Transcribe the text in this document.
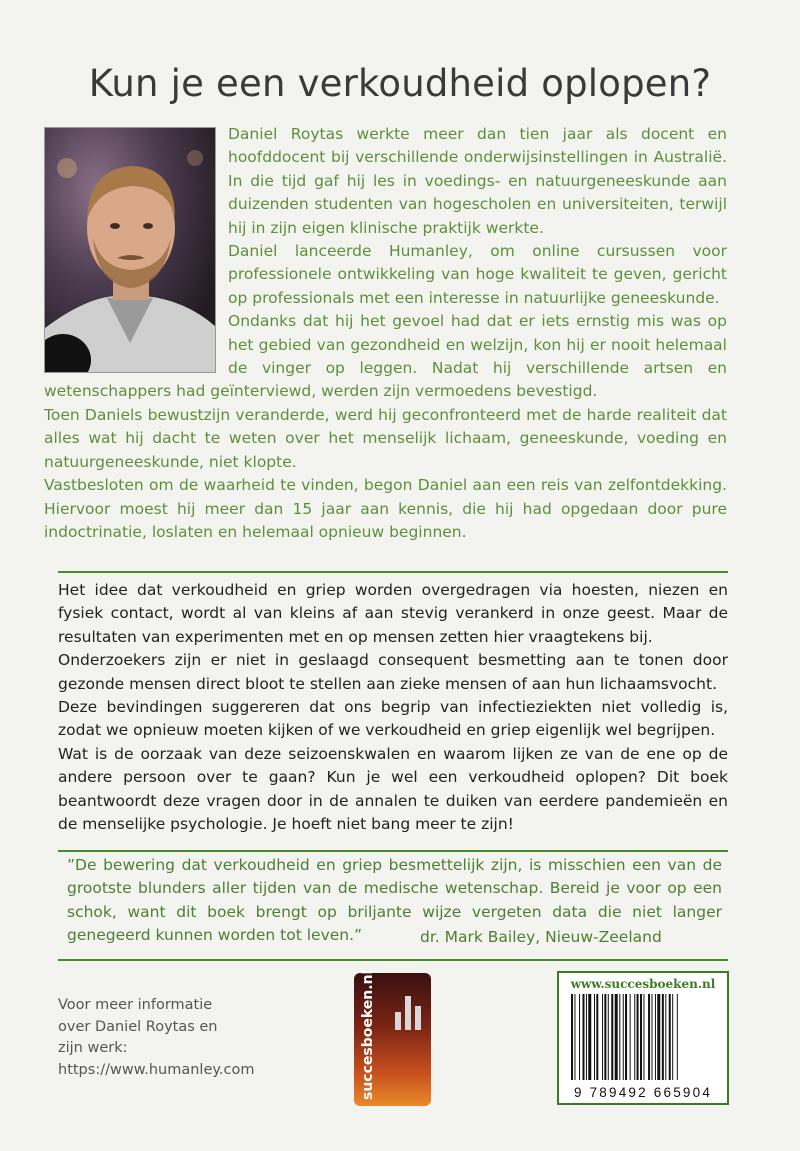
Kun je een verkoudheid oplopen?

Daniel Roytas werkte meer dan tien jaar als docent en hoofddocent bij verschillende onderwijsinstellingen in Australië. In die tijd gaf hij les in voedings- en natuurgeneeskunde aan duizenden studenten van hogescholen en universiteiten, terwijl hij in zijn eigen klinische praktijk werkte.

Daniel lanceerde Humanley, om online cursussen voor professionele ontwikkeling van hoge kwaliteit te geven, gericht op professionals met een interesse in natuurlijke geneeskunde.

Ondanks dat hij het gevoel had dat er iets ernstig mis was op het gebied van gezondheid en welzijn, kon hij er nooit helemaal de vinger op leggen. Nadat hij verschillende artsen en wetenschappers had geïnterviewd, werden zijn vermoedens bevestigd.

Toen Daniels bewustzijn veranderde, werd hij geconfronteerd met de harde realiteit dat alles wat hij dacht te weten over het menselijk lichaam, geneeskunde, voeding en natuurgeneeskunde, niet klopte.

Vastbesloten om de waarheid te vinden, begon Daniel aan een reis van zelfontdekking. Hiervoor moest hij meer dan 15 jaar aan kennis, die hij had opgedaan door pure indoctrinatie, loslaten en helemaal opnieuw beginnen.

Het idee dat verkoudheid en griep worden overgedragen via hoesten, niezen en fysiek contact, wordt al van kleins af aan stevig verankerd in onze geest. Maar de resultaten van experimenten met en op mensen zetten hier vraagtekens bij.

Onderzoekers zijn er niet in geslaagd consequent besmetting aan te tonen door gezonde mensen direct bloot te stellen aan zieke mensen of aan hun lichaamsvocht.

Deze bevindingen suggereren dat ons begrip van infectieziekten niet volledig is, zodat we opnieuw moeten kijken of we verkoudheid en griep eigenlijk wel begrijpen.

Wat is de oorzaak van deze seizoenskwalen en waarom lijken ze van de ene op de andere persoon over te gaan? Kun je wel een verkoudheid oplopen? Dit boek beantwoordt deze vragen door in de annalen te duiken van eerdere pandemieën en de menselijke psychologie. Je hoeft niet bang meer te zijn!

”De bewering dat verkoudheid en griep besmettelijk zijn, is misschien een van de grootste blunders aller tijden van de medische wetenschap. Bereid je voor op een schok, want dit boek brengt op briljante wijze vergeten data die niet langer genegeerd kunnen worden tot leven.”	dr. Mark Bailey, Nieuw-Zeeland
Voor meer informatie
over Daniel Roytas en
zijn werk:
https://www.humanley.com	succesboeken.nl	www.succesboeken.nl
9 789492 665904
